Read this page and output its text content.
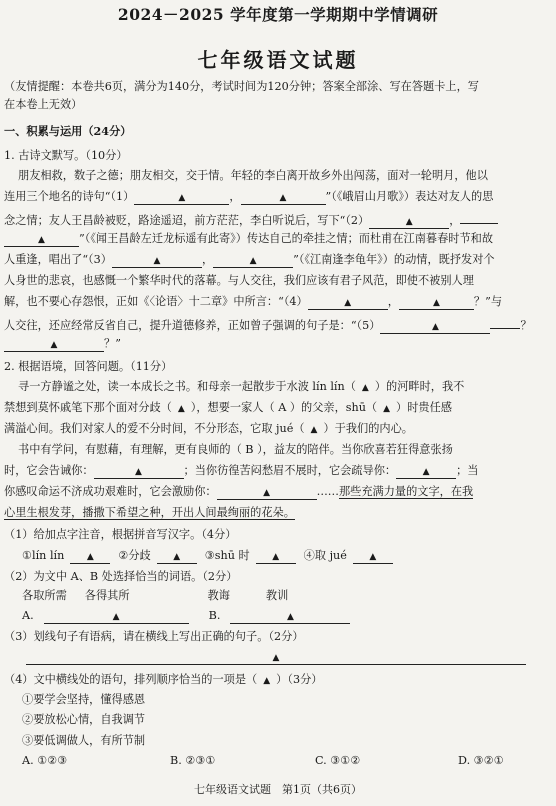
2024－2025 学年度第一学期期中学情调研
七年级语文试题
（友情提醒：本卷共6页，满分为140分，考试时间为120分钟；答案全部涂、写在答题卡上，写
在本卷上无效）
一、积累与运用（24分）
1. 古诗文默写。（10分）
朋友相救，数子之德；朋友相交，交于情。年轻的李白离开故乡外出闯荡，面对一轮明月，他以
连用三个地名的诗句“（1）	▲	，	▲	”（《峨眉山月歌》）表达对友人的思
念之情；友人王昌龄被贬，路途遥迢，前方茫茫，李白听说后，写下“（2）	▲	，
▲	”（《闻王昌龄左迁龙标遥有此寄》）传达自己的牵挂之情；而杜甫在江南暮春时节和故
人重逢，唱出了“（3）	▲	，	▲	”（《江南逢李龟年》）的动情，既抒发对个
人身世的悲哀，也感慨一个繁华时代的落幕。与人交往，我们应该有君子风范，即使不被别人理
解，也不要心存怨恨，正如《〈论语〉十二章》中所言：“（4）	▲	，	▲	？”与
人交往，还应经常反省自己，提升道德修养，正如曾子强调的句子是：“（5）	▲	？
▲	？”
2. 根据语境，回答问题。（11分）
寻一方静谧之处，读一本成长之书。和母亲一起散步于水波 lín lín（ ▲ ）的河畔时，我不
禁想到莫怀戚笔下那个面对分歧（ ▲ ），想要一家人（ A ）的父亲，shū（ ▲ ）时贵任感
满溢心间。我们对家人的爱不分时间，不分形态，它取 jué（ ▲ ）于我们的内心。
书中有学问，有慰藉，有理解，更有良师的（ B ），益友的陪伴。当你欣喜若狂得意张扬
时，它会告诫你：	▲	；当你彷徨苦闷愁眉不展时，它会疏导你：	▲ ；当
你感叹命运不济成功艰难时，它会激励你：	▲	……那些充满力量的文字，在我
心里生根发芽，播撒下希望之种，开出人间最绚丽的花朵。
（1）给加点字注音，根据拼音写汉字。（4分）
①lín lín	▲ ②分歧	▲ ③shū 时	▲ ④取 jué	▲
（2）为文中 A、B 处选择恰当的词语。（2分）
各取所需 各得其所	教诲	教训
A.	▲	B.	▲
（3）划线句子有语病，请在横线上写出正确的句子。（2分）
▲
（4）文中横线处的语句，排列顺序恰当的一项是（ ▲ ）（3分）
①要学会坚持，懂得感恩
②要放松心情，自我调节
③要低调做人，有所节制
A. ①②③	B. ②③①	C. ③①②	D. ③②①
七年级语文试题　第1页（共6页）
